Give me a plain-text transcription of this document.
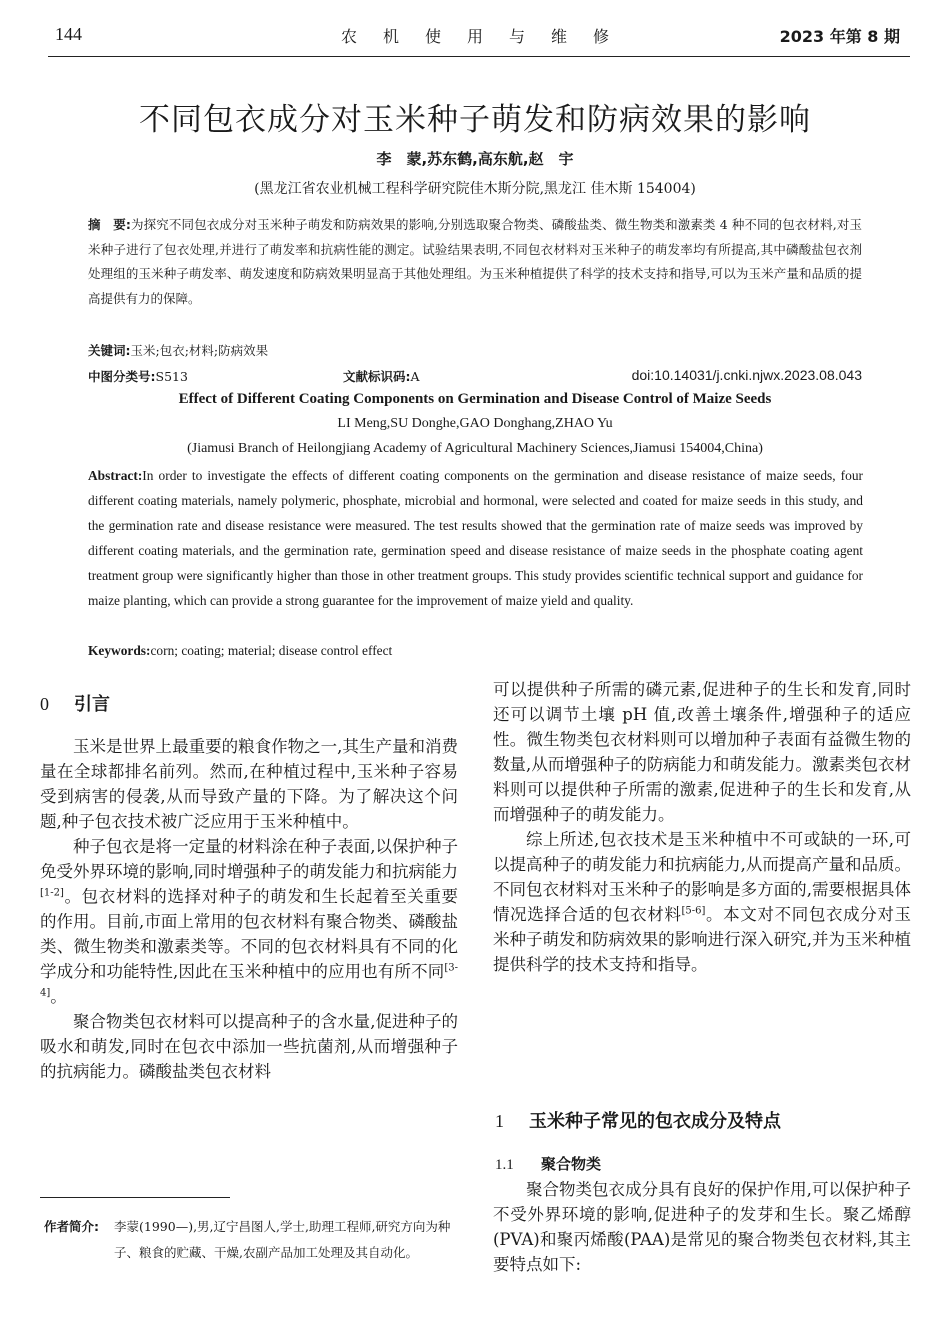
144	农机使用与维修	2023 年第 8 期
不同包衣成分对玉米种子萌发和防病效果的影响
李　蒙,苏东鹤,高东航,赵　宇
(黑龙江省农业机械工程科学研究院佳木斯分院,黑龙江 佳木斯 154004)
摘　要:为探究不同包衣成分对玉米种子萌发和防病效果的影响,分别选取聚合物类、磷酸盐类、微生物类和激素类 4 种不同的包衣材料,对玉米种子进行了包衣处理,并进行了萌发率和抗病性能的测定。试验结果表明,不同包衣材料对玉米种子的萌发率均有所提高,其中磷酸盐包衣剂处理组的玉米种子萌发率、萌发速度和防病效果明显高于其他处理组。为玉米种植提供了科学的技术支持和指导,可以为玉米产量和品质的提高提供有力的保障。
关键词:玉米;包衣;材料;防病效果
中图分类号:S513	文献标识码:A	doi:10.14031/j.cnki.njwx.2023.08.043
Effect of Different Coating Components on Germination and Disease Control of Maize Seeds
LI Meng,SU Donghe,GAO Donghang,ZHAO Yu
(Jiamusi Branch of Heilongjiang Academy of Agricultural Machinery Sciences,Jiamusi 154004,China)
Abstract:In order to investigate the effects of different coating components on the germination and disease resistance of maize seeds, four different coating materials, namely polymeric, phosphate, microbial and hormonal, were selected and coated for maize seeds in this study, and the germination rate and disease resistance were measured. The test results showed that the germination rate of maize seeds was improved by different coating materials, and the germination rate, germination speed and disease resistance of maize seeds in the phosphate coating agent treatment group were significantly higher than those in other treatment groups. This study provides scientific technical support and guidance for maize planting, which can provide a strong guarantee for the improvement of maize yield and quality.
Keywords:corn; coating; material; disease control effect
0 引言

玉米是世界上最重要的粮食作物之一,其生产量和消费量在全球都排名前列。然而,在种植过程中,玉米种子容易受到病害的侵袭,从而导致产量的下降。为了解决这个问题,种子包衣技术被广泛应用于玉米种植中。

种子包衣是将一定量的材料涂在种子表面,以保护种子免受外界环境的影响,同时增强种子的萌发能力和抗病能力[1-2]。包衣材料的选择对种子的萌发和生长起着至关重要的作用。目前,市面上常用的包衣材料有聚合物类、磷酸盐类、微生物类和激素类等。不同的包衣材料具有不同的化学成分和功能特性,因此在玉米种植中的应用也有所不同[3-4]。

聚合物类包衣材料可以提高种子的含水量,促进种子的吸水和萌发,同时在包衣中添加一些抗菌剂,从而增强种子的抗病能力。磷酸盐类包衣材料

作者简介:	李蒙(1990—),男,辽宁昌图人,学士,助理工程师,研究方向为种子、粮食的贮藏、干燥,农副产品加工处理及其自动化。

可以提供种子所需的磷元素,促进种子的生长和发育,同时还可以调节土壤 pH 值,改善土壤条件,增强种子的适应性。微生物类包衣材料则可以增加种子表面有益微生物的数量,从而增强种子的防病能力和萌发能力。激素类包衣材料则可以提供种子所需的激素,促进种子的生长和发育,从而增强种子的萌发能力。

综上所述,包衣技术是玉米种植中不可或缺的一环,可以提高种子的萌发能力和抗病能力,从而提高产量和品质。不同包衣材料对玉米种子的影响是多方面的,需要根据具体情况选择合适的包衣材料[5-6]。本文对不同包衣成分对玉米种子萌发和防病效果的影响进行深入研究,并为玉米种植提供科学的技术支持和指导。

1 玉米种子常见的包衣成分及特点
1.1 聚合物类

聚合物类包衣成分具有良好的保护作用,可以保护种子不受外界环境的影响,促进种子的发芽和生长。聚乙烯醇(PVA)和聚丙烯酸(PAA)是常见的聚合物类包衣材料,其主要特点如下:
